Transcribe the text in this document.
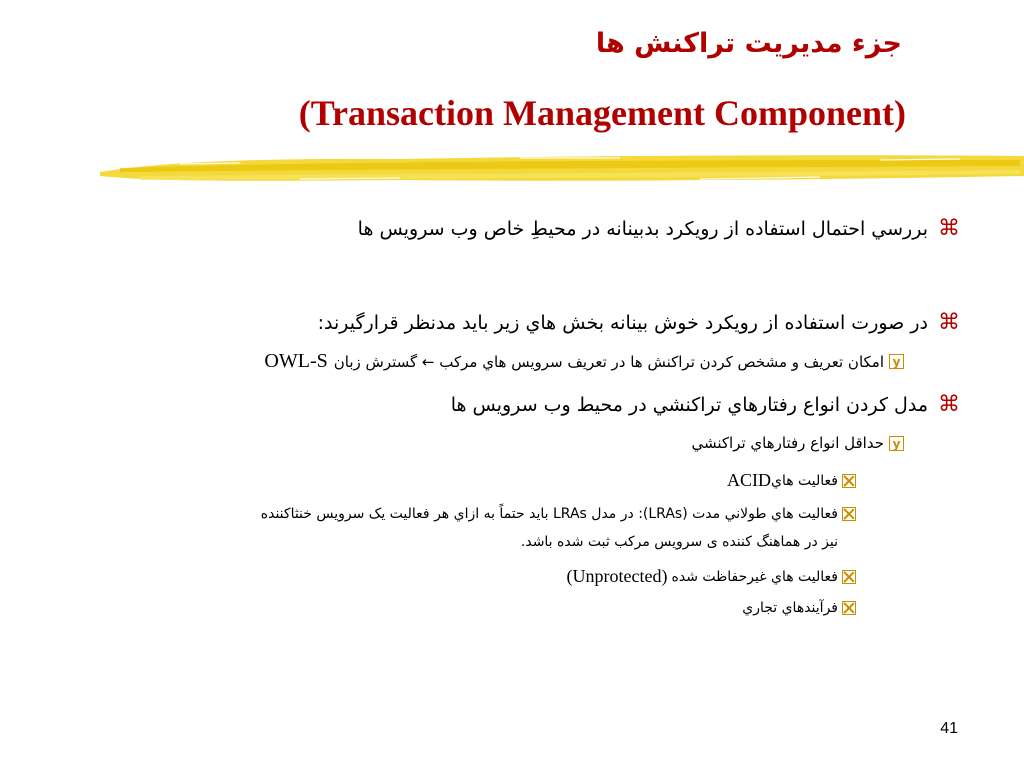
جزء مديريت تراكنش ها
(Transaction Management Component)
⌘
بررسي احتمال استفاده از رويكرد بدبينانه در محيطِ خاص وب سرويس ها
⌘
در صورت استفاده از رويكرد خوش بينانه بخش هاي زير بايد مدنظر قرارگيرند:
y
امكان تعريف و مشخص كردن تراكنش ها در تعريف سرويس هاي مركب ← گسترش زبان
OWL-S
⌘
مدل كردن انواع رفتارهاي تراكنشي در محيط وب سرويس ها
y
حداقل انواع رفتارهاي تراكنشي
فعاليت هاي
ACID
فعاليت هاي طولاني مدت (LRAs): در مدل LRAs بايد حتماً به ازاي هر فعاليت يک سرويس خنثاکننده
نيز در هماهنگ کننده ی سرويس مرکب ثبت شده باشد.
فعاليت هاي غيرحفاظت شده
(Unprotected)
فرآيندهاي تجاري
41
